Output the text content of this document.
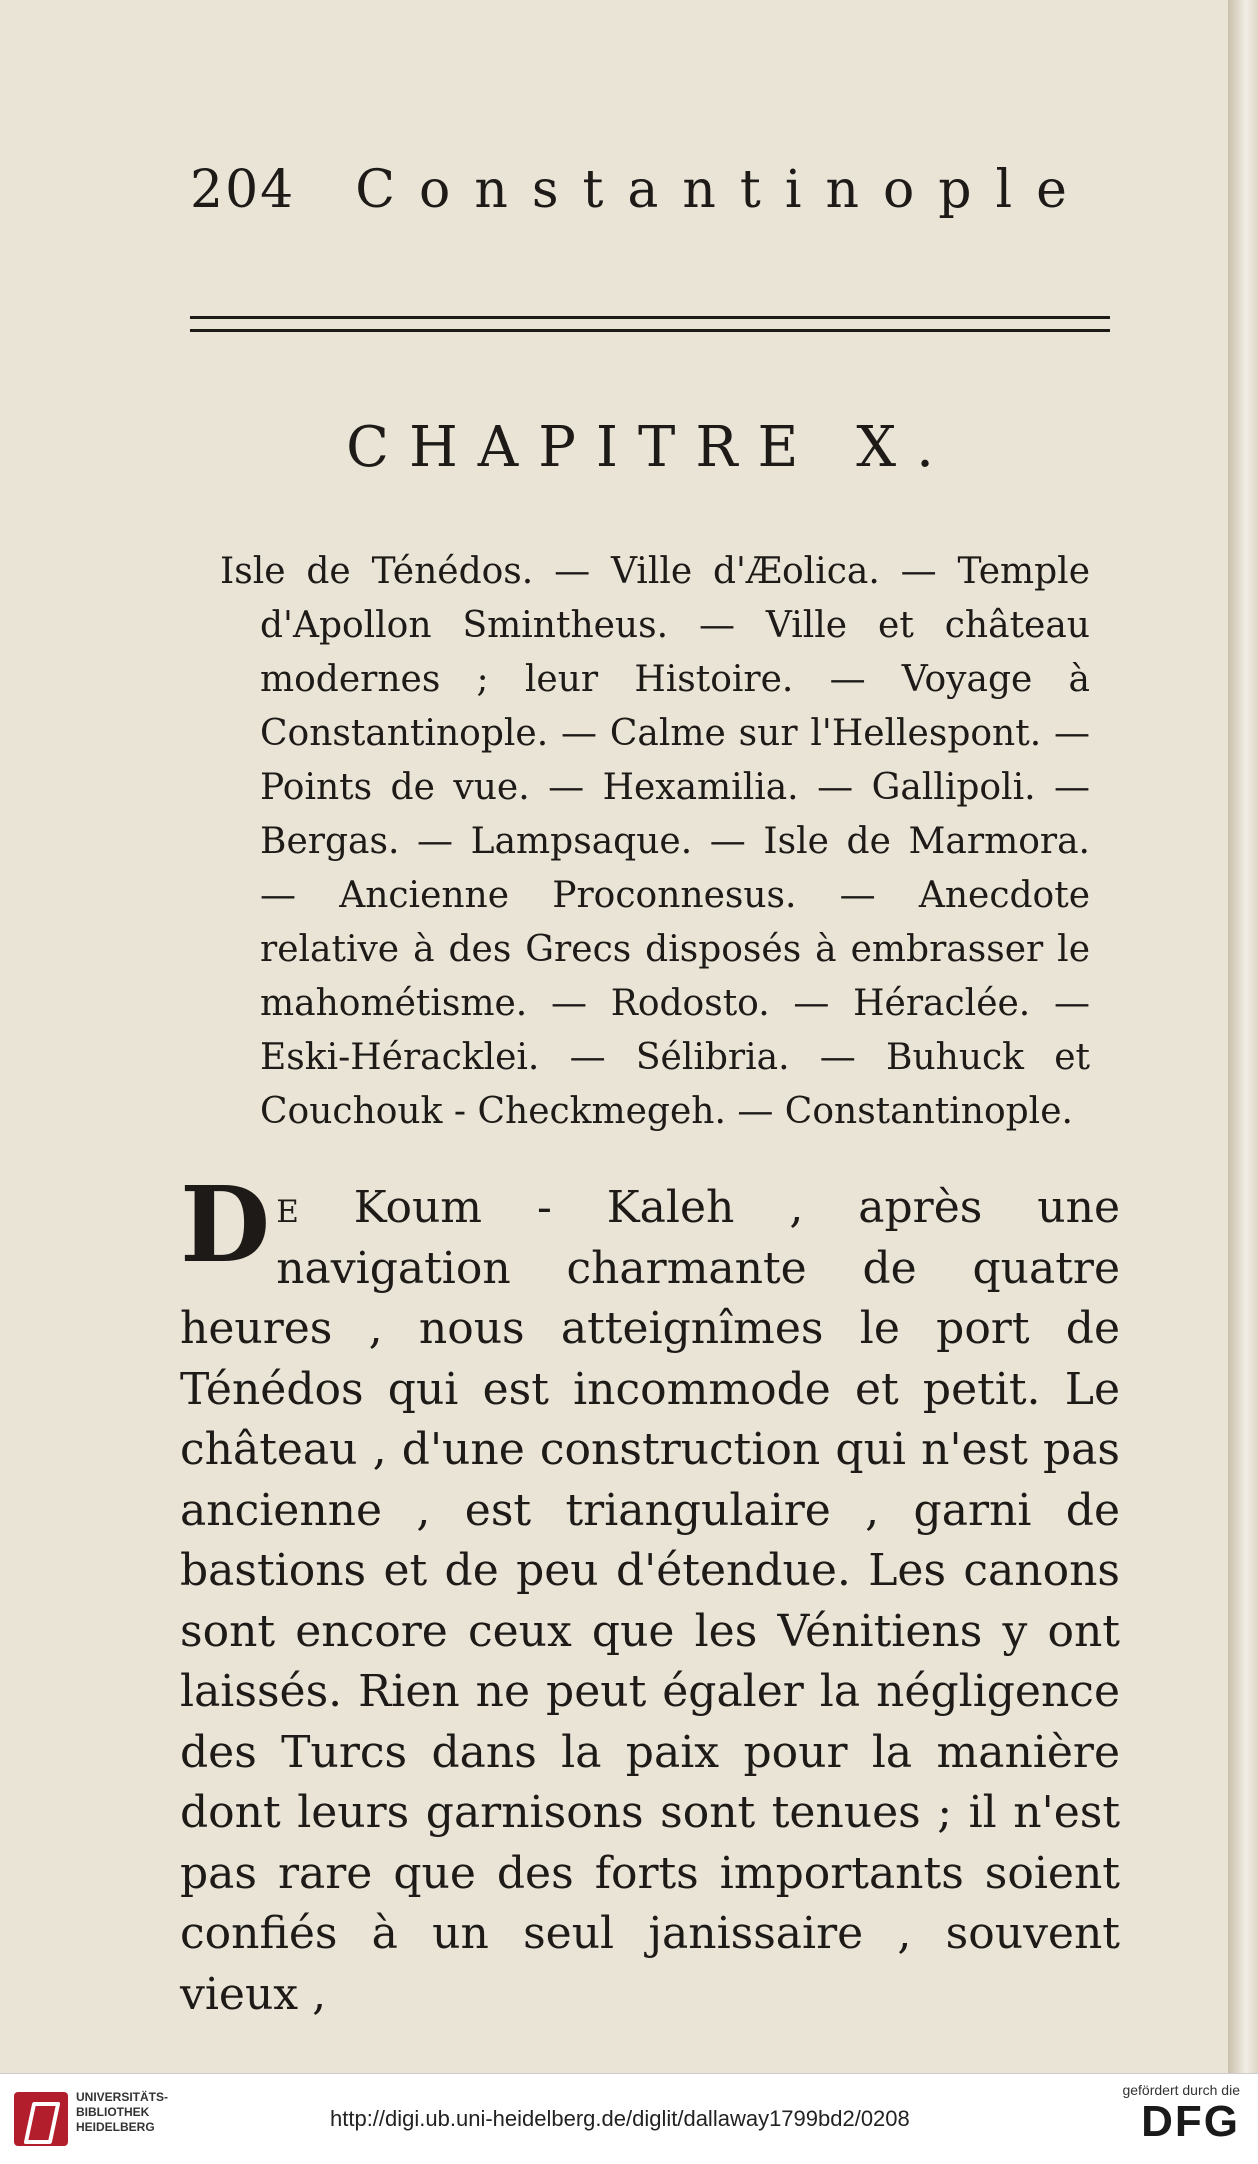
204 Constantinople
CHAPITRE X.
Isle de Ténédos. — Ville d'Æolica. — Temple d'Apollon Smintheus. — Ville et château modernes ; leur Histoire. — Voyage à Constantinople. — Calme sur l'Hellespont. — Points de vue. — Hexamilia. — Gallipoli. — Bergas. — Lampsaque. — Isle de Marmora. — Ancienne Proconnesus. — Anecdote relative à des Grecs disposés à embrasser le mahométisme. — Rodosto. — Héraclée. — Eski-Héracklei. — Sélibria. — Buhuck et Couchouk - Checkmegeh. — Constantinople.
De Koum - Kaleh , après une navigation charmante de quatre heures , nous atteignîmes le port de Ténédos qui est incommode et petit. Le château , d'une construction qui n'est pas ancienne , est triangulaire , garni de bastions et de peu d'étendue. Les canons sont encore ceux que les Vénitiens y ont laissés. Rien ne peut égaler la négligence des Turcs dans la paix pour la manière dont leurs garnisons sont tenues ; il n'est pas rare que des forts importants soient confiés à un seul janissaire , souvent vieux ,
UNIVERSITÄTS-
BIBLIOTHEK
HEIDELBERG	http://digi.ub.uni-heidelberg.de/diglit/dallaway1799bd2/0208
gefördert durch die
DFG
